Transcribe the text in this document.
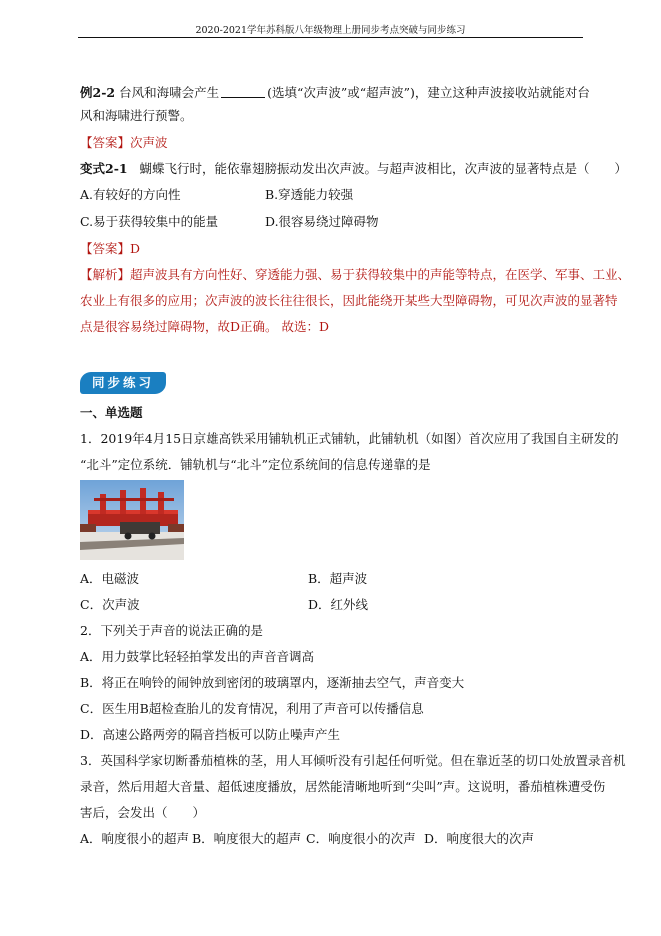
2020-2021学年苏科版八年级物理上册同步考点突破与同步练习
例2-2 台风和海啸会产生	(选填“次声波”或“超声波”)，建立这种声波接收站就能对台
风和海啸进行预警。
【答案】次声波
变式2-1 蝴蝶飞行时，能依靠翅膀振动发出次声波。与超声波相比，次声波的显著特点是（　　）
A.有较好的方向性	B.穿透能力较强
C.易于获得较集中的能量	D.很容易绕过障碍物
【答案】D
【解析】超声波具有方向性好、穿透能力强、易于获得较集中的声能等特点，在医学、军事、工业、
农业上有很多的应用；次声波的波长往往很长，因此能绕开某些大型障碍物，可见次声波的显著特
点是很容易绕过障碍物，故D正确。 故选：D
同步练习
一、单选题
1．2019年4月15日京雄高铁采用铺轨机正式铺轨，此铺轨机（如图）首次应用了我国自主研发的
“北斗”定位系统．铺轨机与“北斗”定位系统间的信息传递靠的是
A．电磁波	B．超声波
C．次声波	D．红外线
2．下列关于声音的说法正确的是
A．用力鼓掌比轻轻拍掌发出的声音音调高
B．将正在响铃的闹钟放到密闭的玻璃罩内，逐渐抽去空气，声音变大
C．医生用B超检查胎儿的发育情况，利用了声音可以传播信息
D．高速公路两旁的隔音挡板可以防止噪声产生
3．英国科学家切断番茄植株的茎，用人耳倾听没有引起任何听觉。但在靠近茎的切口处放置录音机
录音，然后用超大音量、超低速度播放，居然能清晰地听到“尖叫”声。这说明，番茄植株遭受伤
害后，会发出（　　）
A．响度很小的超声 B．响度很大的超声 C．响度很小的次声 D．响度很大的次声
